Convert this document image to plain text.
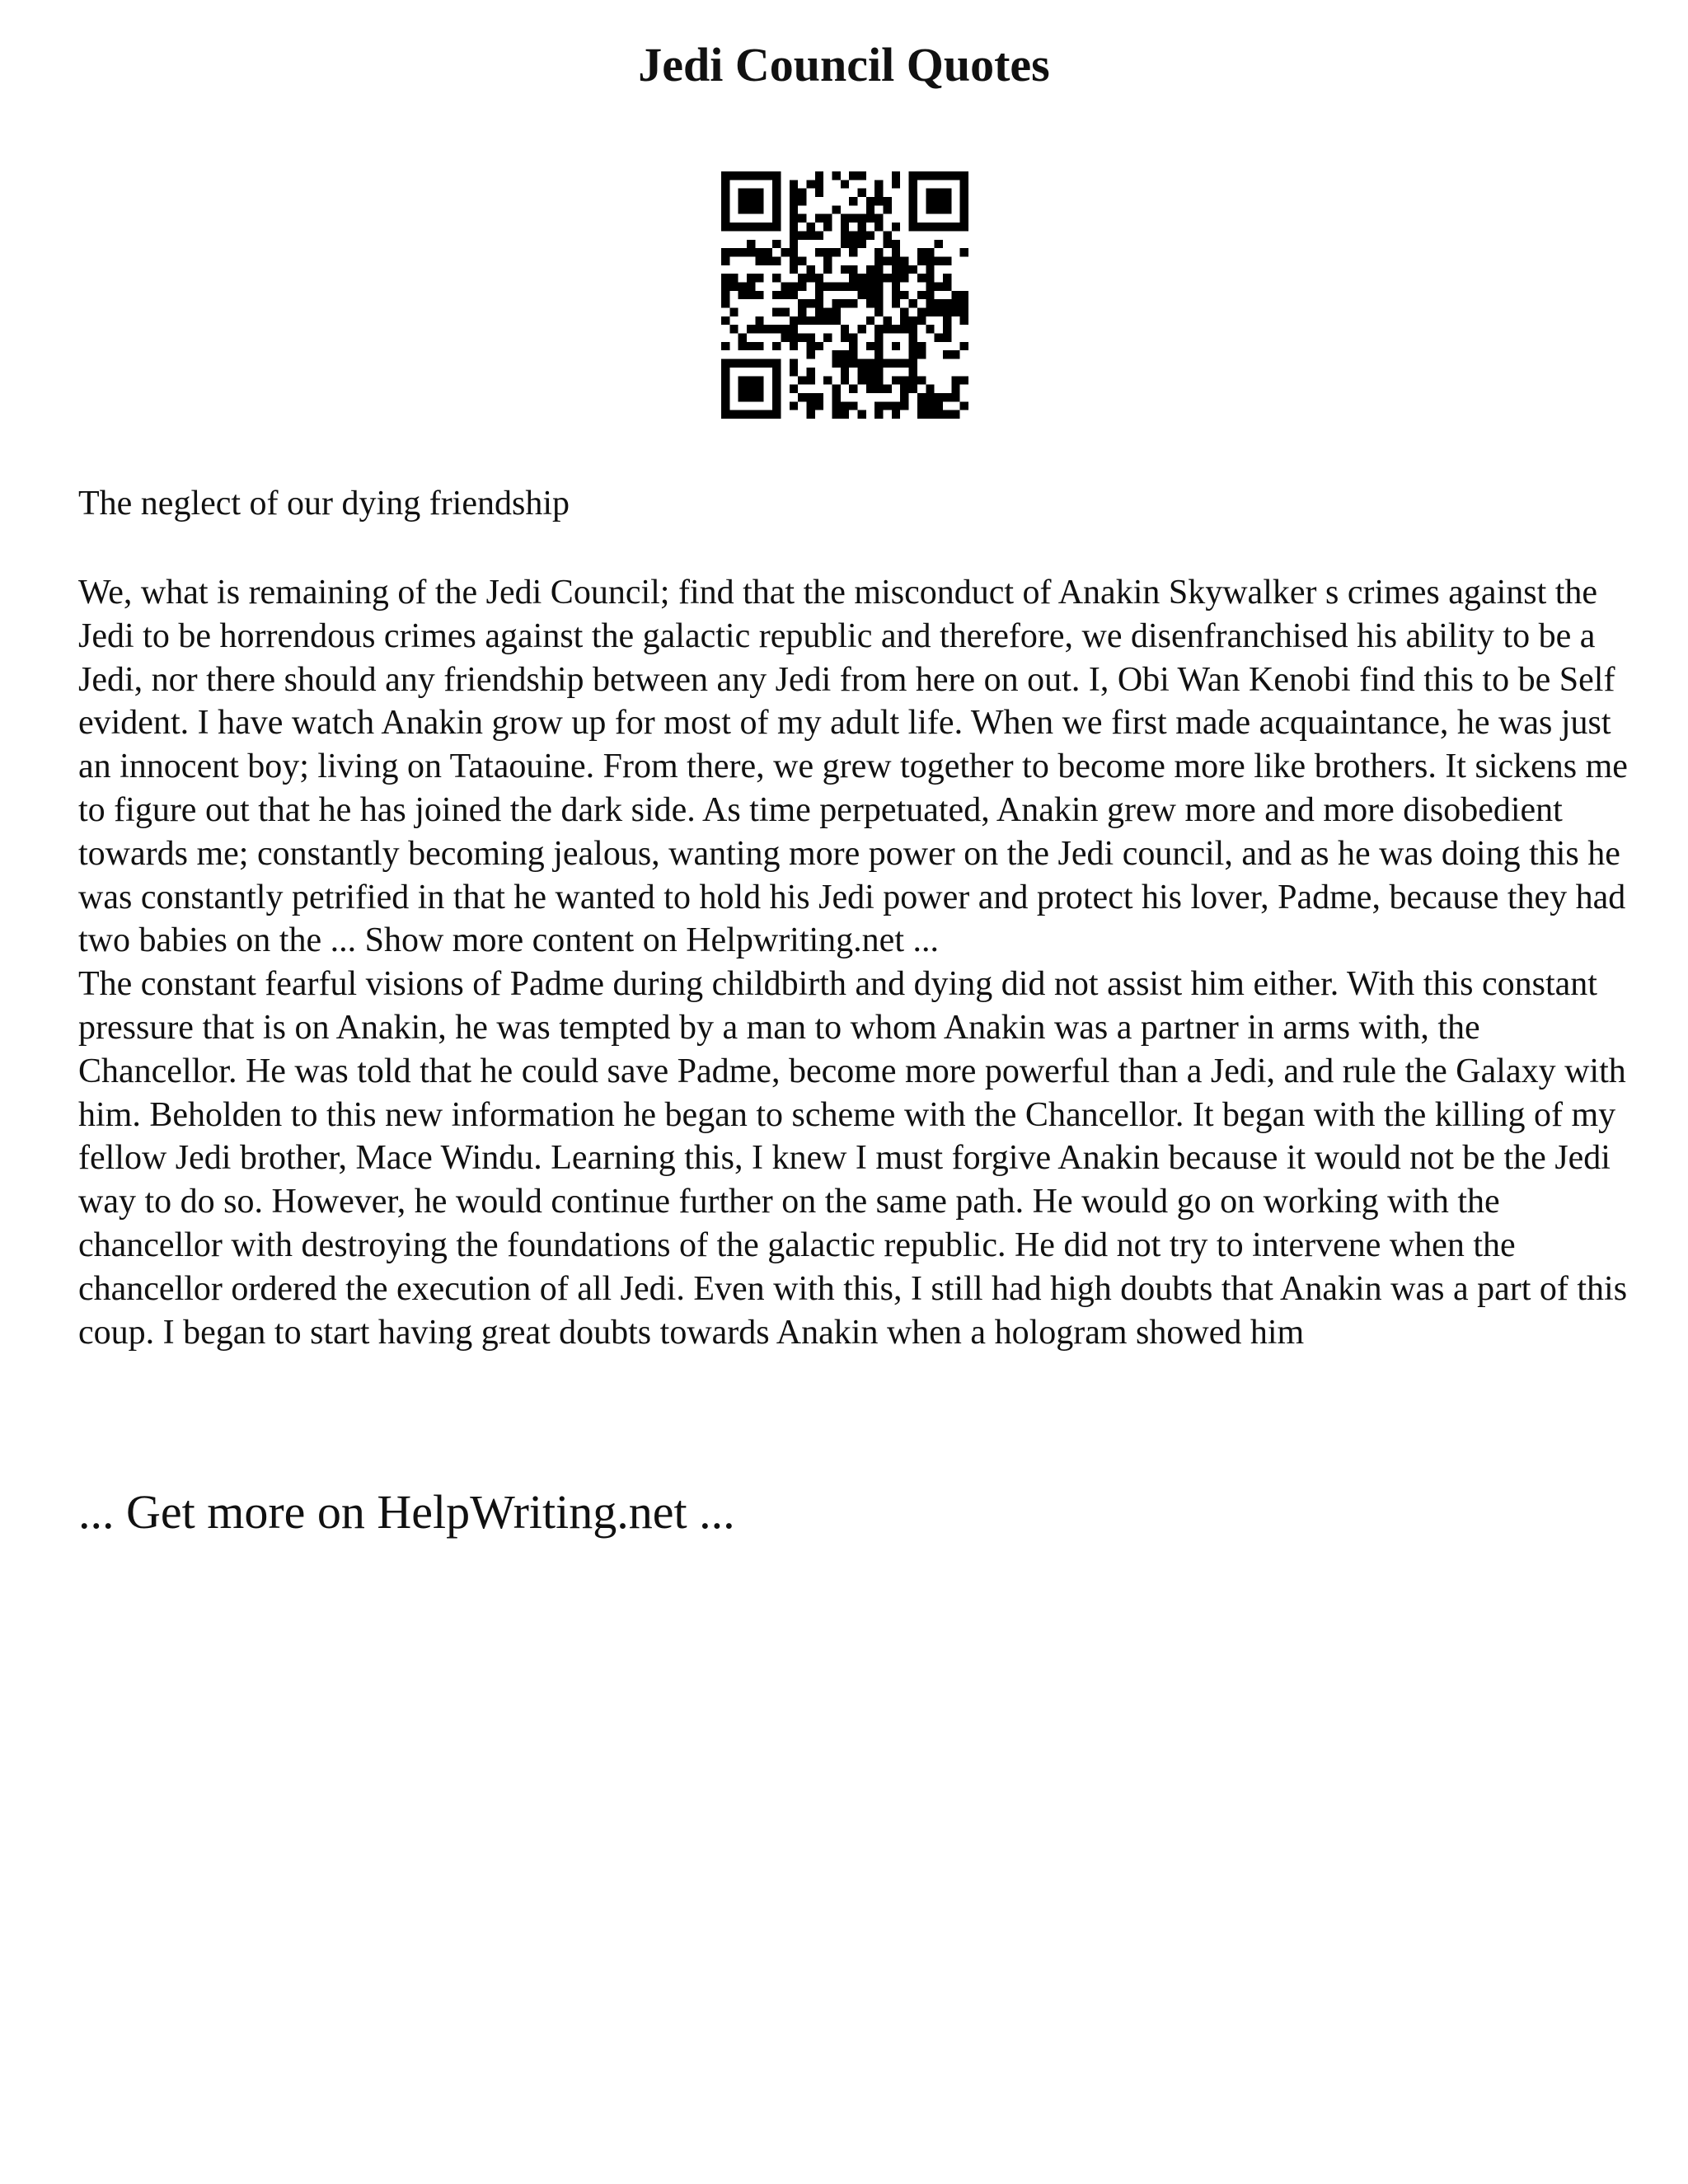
Jedi Council Quotes

The neglect of our dying friendship

We, what is remaining of the Jedi Council; find that the misconduct of Anakin Skywalker s crimes against the Jedi to be horrendous crimes against the galactic republic and therefore, we disenfranchised his ability to be a Jedi, nor there should any friendship between any Jedi from here on out. I, Obi Wan Kenobi find this to be Self evident. I have watch Anakin grow up for most of my adult life. When we first made acquaintance, he was just an innocent boy; living on Tataouine. From there, we grew together to become more like brothers. It sickens me to figure out that he has joined the dark side. As time perpetuated, Anakin grew more and more disobedient towards me; constantly becoming jealous, wanting more power on the Jedi council, and as he was doing this he was constantly petrified in that he wanted to hold his Jedi power and protect his lover, Padme, because they had two babies on the ... Show more content on Helpwriting.net ...

The constant fearful visions of Padme during childbirth and dying did not assist him either. With this constant pressure that is on Anakin, he was tempted by a man to whom Anakin was a partner in arms with, the Chancellor. He was told that he could save Padme, become more powerful than a Jedi, and rule the Galaxy with him. Beholden to this new information he began to scheme with the Chancellor. It began with the killing of my fellow Jedi brother, Mace Windu. Learning this, I knew I must forgive Anakin because it would not be the Jedi way to do so. However, he would continue further on the same path. He would go on working with the chancellor with destroying the foundations of the galactic republic. He did not try to intervene when the chancellor ordered the execution of all Jedi. Even with this, I still had high doubts that Anakin was a part of this coup. I began to start having great doubts towards Anakin when a hologram showed him

... Get more on HelpWriting.net ...
